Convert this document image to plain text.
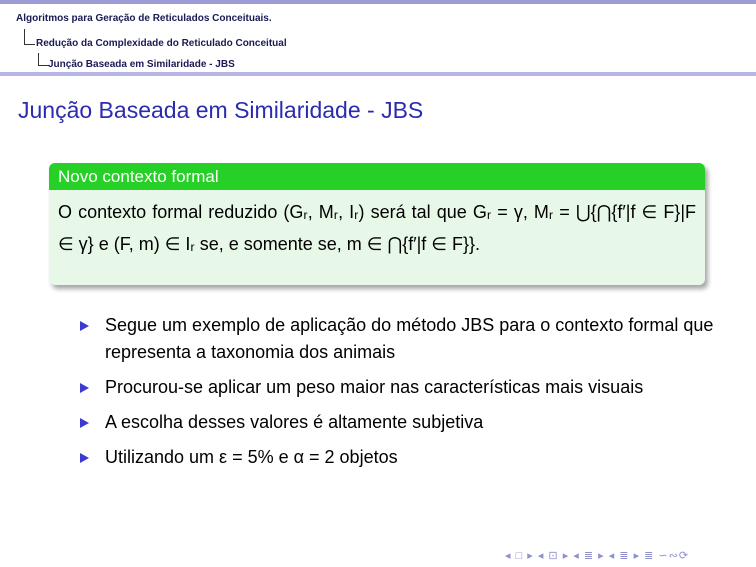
Algoritmos para Geração de Reticulados Conceituais.
Redução da Complexidade do Reticulado Conceitual
Junção Baseada em Similaridade - JBS
Junção Baseada em Similaridade - JBS
Novo contexto formal
O contexto formal reduzido (Gᵣ, Mᵣ, Iᵣ) será tal que Gᵣ = γ, Mᵣ = ⋃{⋂{f′|f ∈ F}|F ∈ γ} e (F, m) ∈ Iᵣ se, e somente se, m ∈ ⋂{f′|f ∈ F}}.
Segue um exemplo de aplicação do método JBS para o contexto formal que representa a taxonomia dos animais
Procurou-se aplicar um peso maior nas características mais visuais
A escolha desses valores é altamente subjetiva
Utilizando um ε = 5% e α = 2 objetos
◂ □ ▸ ◂ ⊡ ▸ ◂ ≣ ▸ ◂ ≣ ▸ ≣ ∽∾⟳
